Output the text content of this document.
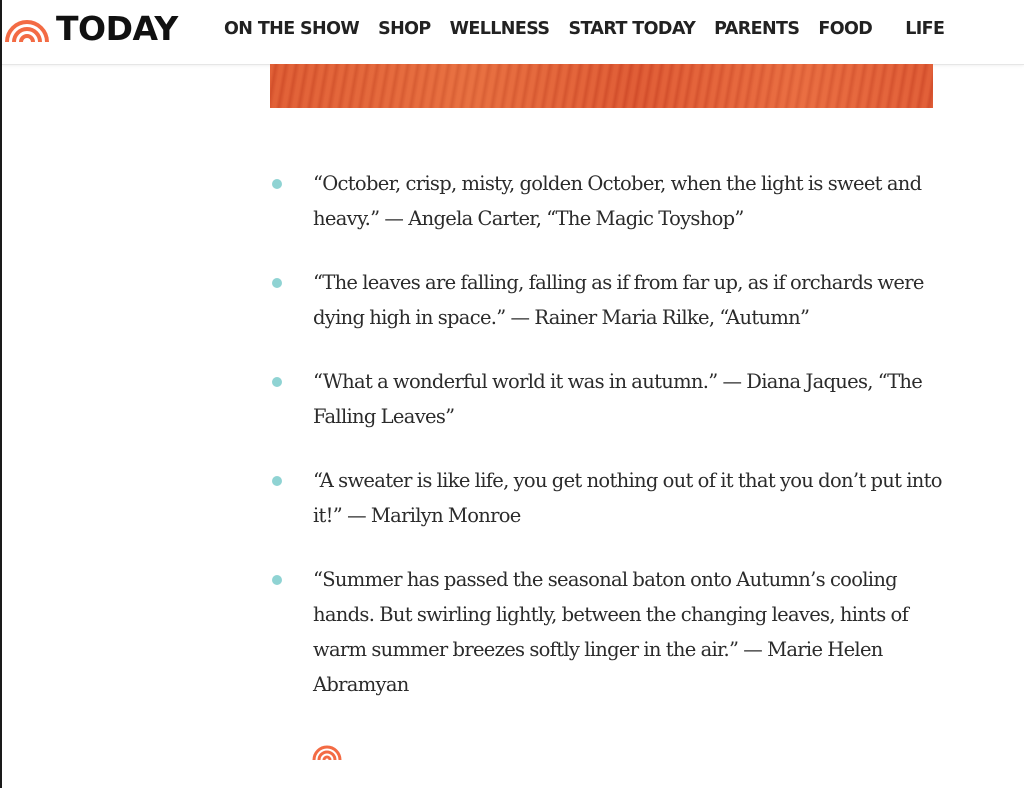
TODAY	ON THE SHOW SHOP WELLNESS START TODAY PARENTS FOOD LIFE
“October, crisp, misty, golden October, when the light is sweet and heavy.” — Angela Carter, “The Magic Toyshop”
“The leaves are falling, falling as if from far up, as if orchards were dying high in space.” — Rainer Maria Rilke, “Autumn”
“What a wonderful world it was in autumn.” — Diana Jaques, “The Falling Leaves”
“A sweater is like life, you get nothing out of it that you don’t put into it!” — Marilyn Monroe
“Summer has passed the seasonal baton onto Autumn’s cooling hands. But swirling lightly, between the changing leaves, hints of warm summer breezes softly linger in the air.” — Marie Helen Abramyan
